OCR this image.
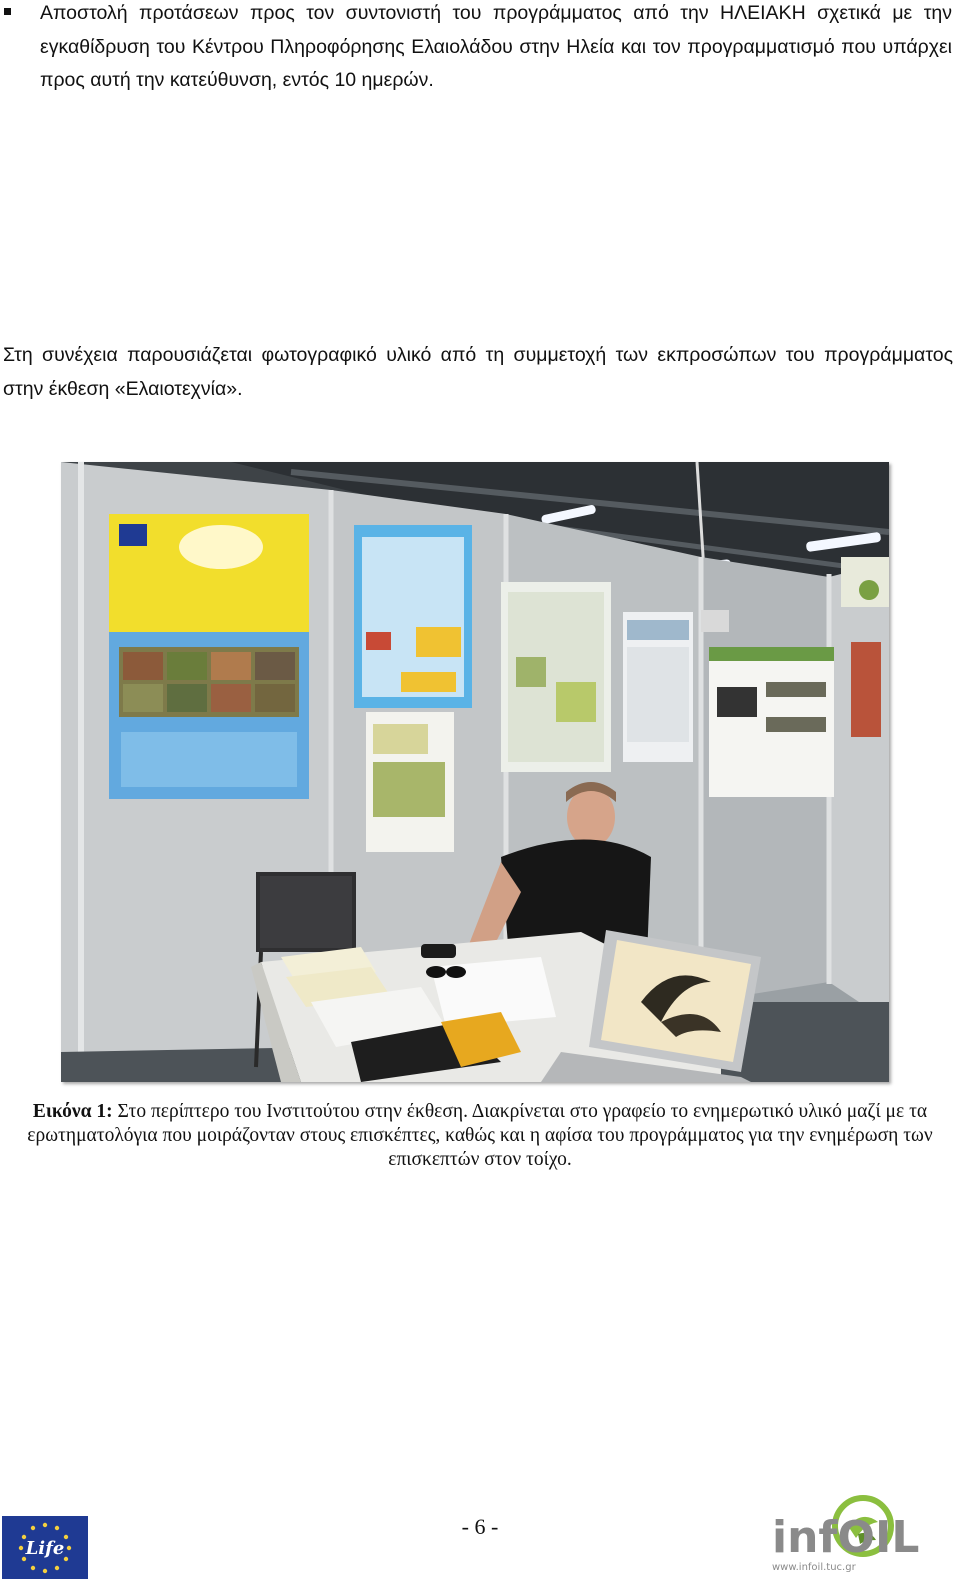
Αποστολή προτάσεων προς τον συντονιστή του προγράμματος από την ΗΛΕΙΑΚΗ σχετικά με την εγκαθίδρυση του Κέντρου Πληροφόρησης Ελαιολάδου στην Ηλεία και τον προγραμματισμό που υπάρχει προς αυτή την κατεύθυνση, εντός 10 ημερών.
Στη συνέχεια παρουσιάζεται φωτογραφικό υλικό από τη συμμετοχή των εκπροσώπων του προγράμματος στην έκθεση «Ελαιοτεχνία».
Εικόνα 1: Στο περίπτερο του Ινστιτούτου στην έκθεση. Διακρίνεται στο γραφείο το ενημερωτικό υλικό μαζί με τα ερωτηματολόγια που μοιράζονταν στους επισκέπτες, καθώς και η αφίσα του προγράμματος για την ενημέρωση των επισκεπτών στον τοίχο.
Life
- 6 -	infOIL
www.infoil.tuc.gr
